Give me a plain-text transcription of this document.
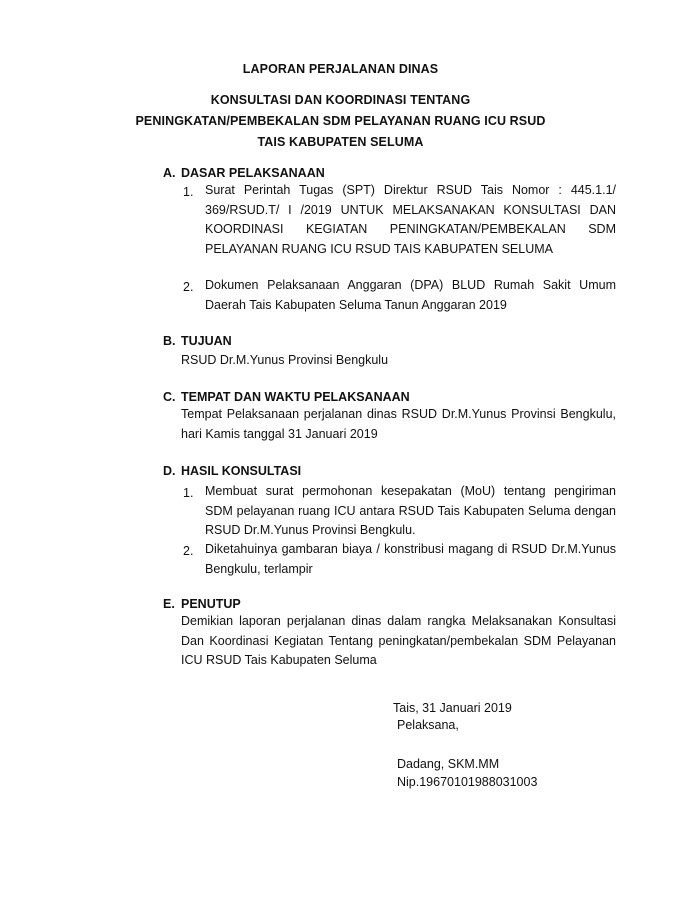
LAPORAN PERJALANAN DINAS
KONSULTASI DAN KOORDINASI TENTANG
PENINGKATAN/PEMBEKALAN SDM PELAYANAN RUANG ICU RSUD
TAIS KABUPATEN SELUMA
A. DASAR PELAKSANAAN
1. Surat Perintah Tugas (SPT) Direktur RSUD Tais Nomor : 445.1.1/ 369/RSUD.T/ I /2019 UNTUK MELAKSANAKAN KONSULTASI DAN KOORDINASI KEGIATAN PENINGKATAN/PEMBEKALAN SDM PELAYANAN RUANG ICU RSUD TAIS KABUPATEN SELUMA
2. Dokumen Pelaksanaan Anggaran (DPA) BLUD Rumah Sakit Umum Daerah Tais Kabupaten Seluma Tanun Anggaran 2019
B. TUJUAN
RSUD Dr.M.Yunus Provinsi Bengkulu
C. TEMPAT DAN WAKTU PELAKSANAAN
Tempat Pelaksanaan perjalanan dinas RSUD Dr.M.Yunus Provinsi Bengkulu, hari Kamis tanggal 31 Januari 2019
D. HASIL KONSULTASI
1. Membuat surat permohonan kesepakatan (MoU) tentang pengiriman SDM pelayanan ruang ICU antara RSUD Tais Kabupaten Seluma dengan RSUD Dr.M.Yunus Provinsi Bengkulu.
2. Diketahuinya gambaran biaya / konstribusi magang di RSUD Dr.M.Yunus Bengkulu, terlampir
E. PENUTUP
Demikian laporan perjalanan dinas dalam rangka Melaksanakan Konsultasi Dan Koordinasi Kegiatan Tentang peningkatan/pembekalan SDM Pelayanan ICU RSUD Tais Kabupaten Seluma
Tais, 31 Januari 2019
Pelaksana,
Dadang, SKM.MM
Nip.196701019880310​03
